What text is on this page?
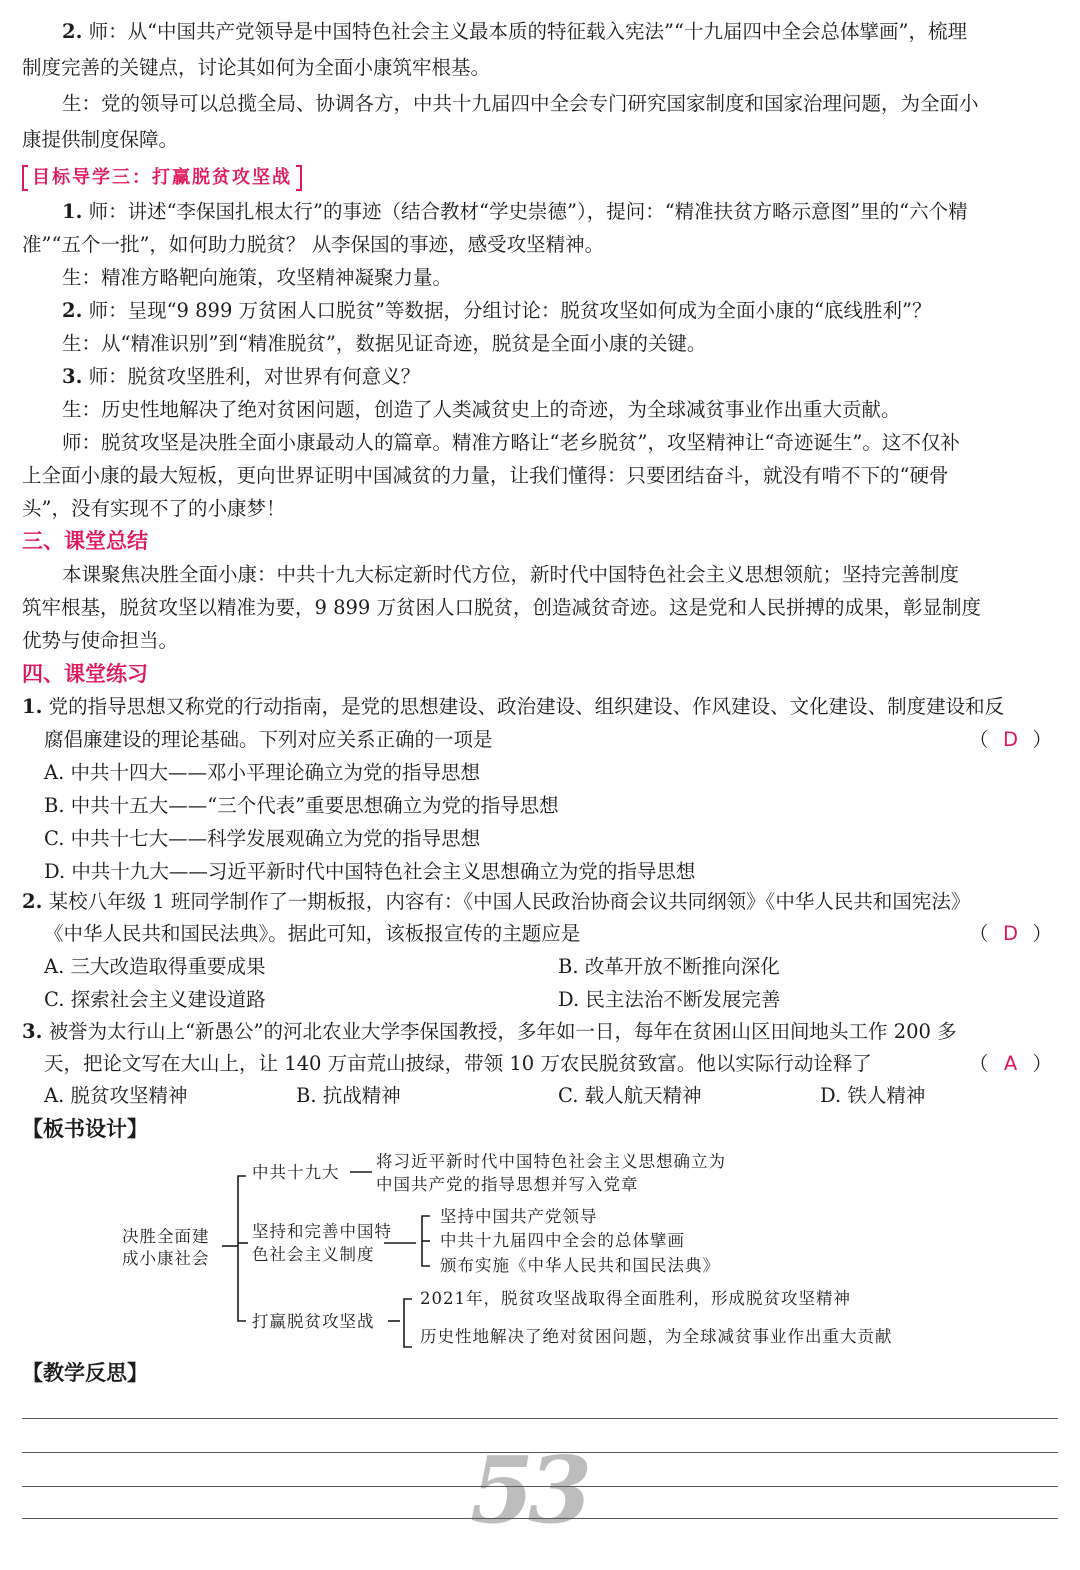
2. 师：从“中国共产党领导是中国特色社会主义最本质的特征载入宪法”“十九届四中全会总体擘画”，梳理
制度完善的关键点，讨论其如何为全面小康筑牢根基。
生：党的领导可以总揽全局、协调各方，中共十九届四中全会专门研究国家制度和国家治理问题，为全面小
康提供制度保障。
目标导学三：打赢脱贫攻坚战
1. 师：讲述“李保国扎根太行”的事迹（结合教材“学史崇德”），提问：“精准扶贫方略示意图”里的“六个精
准”“五个一批”，如何助力脱贫？ 从李保国的事迹，感受攻坚精神。
生：精准方略靶向施策，攻坚精神凝聚力量。
2. 师：呈现“9 899 万贫困人口脱贫”等数据，分组讨论：脱贫攻坚如何成为全面小康的“底线胜利”？
生：从“精准识别”到“精准脱贫”，数据见证奇迹，脱贫是全面小康的关键。
3. 师：脱贫攻坚胜利，对世界有何意义？
生：历史性地解决了绝对贫困问题，创造了人类减贫史上的奇迹，为全球减贫事业作出重大贡献。
师：脱贫攻坚是决胜全面小康最动人的篇章。精准方略让“老乡脱贫”，攻坚精神让“奇迹诞生”。这不仅补
上全面小康的最大短板，更向世界证明中国减贫的力量，让我们懂得：只要团结奋斗，就没有啃不下的“硬骨
头”，没有实现不了的小康梦！
三、课堂总结
本课聚焦决胜全面小康：中共十九大标定新时代方位，新时代中国特色社会主义思想领航；坚持完善制度
筑牢根基，脱贫攻坚以精准为要，9 899 万贫困人口脱贫，创造减贫奇迹。这是党和人民拼搏的成果，彰显制度
优势与使命担当。
四、课堂练习
1. 党的指导思想又称党的行动指南，是党的思想建设、政治建设、组织建设、作风建设、文化建设、制度建设和反
腐倡廉建设的理论基础。下列对应关系正确的一项是	（ D ）
A. 中共十四大——邓小平理论确立为党的指导思想
B. 中共十五大——“三个代表”重要思想确立为党的指导思想
C. 中共十七大——科学发展观确立为党的指导思想
D. 中共十九大——习近平新时代中国特色社会主义思想确立为党的指导思想
2. 某校八年级 1 班同学制作了一期板报，内容有：《中国人民政治协商会议共同纲领》《中华人民共和国宪法》
《中华人民共和国民法典》。据此可知，该板报宣传的主题应是	（ D ）
A. 三大改造取得重要成果	B. 改革开放不断推向深化
C. 探索社会主义建设道路	D. 民主法治不断发展完善
3. 被誉为太行山上“新愚公”的河北农业大学李保国教授，多年如一日，每年在贫困山区田间地头工作 200 多
天，把论文写在大山上，让 140 万亩荒山披绿，带领 10 万农民脱贫致富。他以实际行动诠释了	（ A ）
A. 脱贫攻坚精神	B. 抗战精神	C. 载人航天精神	D. 铁人精神
【板书设计】
决胜全面建
成小康社会
中共十九大
将习近平新时代中国特色社会主义思想确立为
中国共产党的指导思想并写入党章
坚持和完善中国特
色社会主义制度
坚持中国共产党领导
中共十九届四中全会的总体擘画
颁布实施《中华人民共和国民法典》
打赢脱贫攻坚战
2021年，脱贫攻坚战取得全面胜利，形成脱贫攻坚精神
历史性地解决了绝对贫困问题，为全球减贫事业作出重大贡献
【教学反思】
53
